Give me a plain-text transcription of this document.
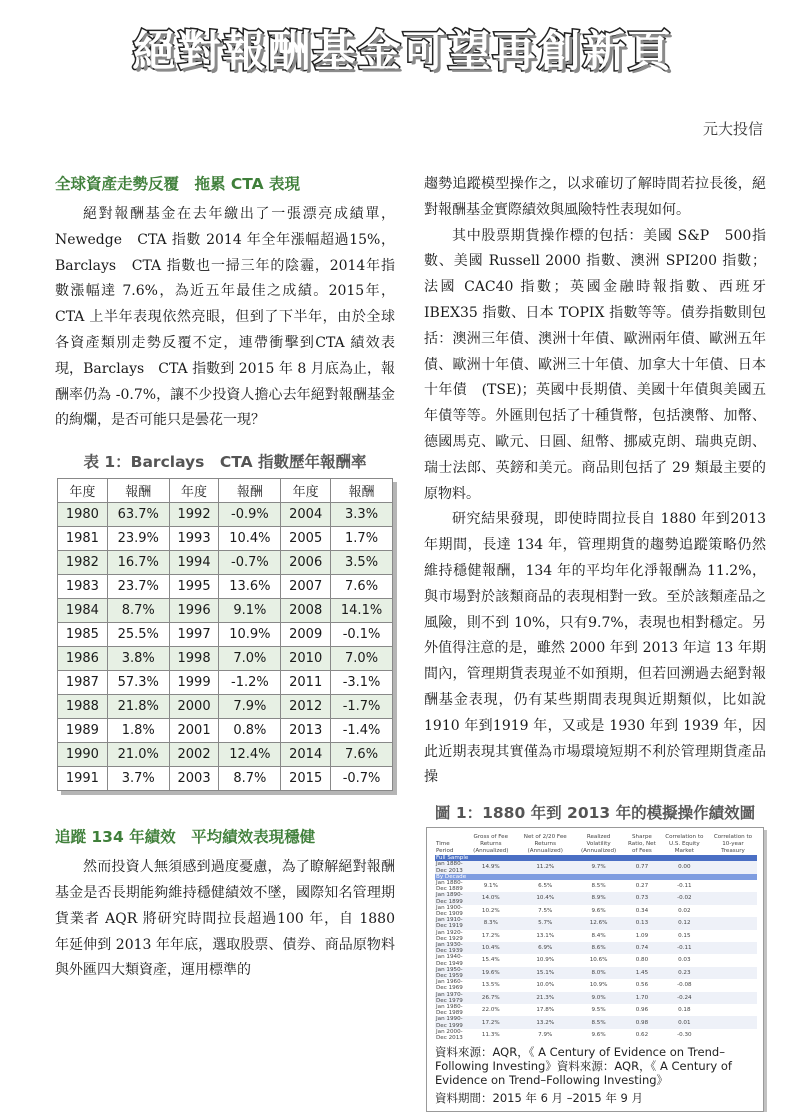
絕對報酬基金可望再創新頁
元大投信

全球資產走勢反覆　拖累 CTA 表現

絕對報酬基金在去年繳出了一張漂亮成績單，Newedge　CTA 指數 2014 年全年漲幅超過15%，Barclays　CTA 指數也一掃三年的陰霾，2014年指數漲幅達 7.6%，為近五年最佳之成績。2015年，CTA 上半年表現依然亮眼，但到了下半年，由於全球各資產類別走勢反覆不定，連帶衝擊到CTA 績效表現，Barclays　CTA 指數到 2015 年 8 月底為止，報酬率仍為 -0.7%，讓不少投資人擔心去年絕對報酬基金的絢爛，是否可能只是曇花一現？

表 1：Barclays　CTA 指數歷年報酬率

年度	報酬	年度	報酬	年度	報酬
1980	63.7%	1992	-0.9%	2004	3.3%
1981	23.9%	1993	10.4%	2005	1.7%
1982	16.7%	1994	-0.7%	2006	3.5%
1983	23.7%	1995	13.6%	2007	7.6%
1984	8.7%	1996	9.1%	2008	14.1%
1985	25.5%	1997	10.9%	2009	-0.1%
1986	3.8%	1998	7.0%	2010	7.0%
1987	57.3%	1999	-1.2%	2011	-3.1%
1988	21.8%	2000	7.9%	2012	-1.7%
1989	1.8%	2001	0.8%	2013	-1.4%
1990	21.0%	2002	12.4%	2014	7.6%
1991	3.7%	2003	8.7%	2015	-0.7%

追蹤 134 年績效　平均績效表現穩健

然而投資人無須感到過度憂慮，為了瞭解絕對報酬基金是否長期能夠維持穩健績效不墜，國際知名管理期貨業者 AQR 將研究時間拉長超過100 年，自 1880 年延伸到 2013 年年底，選取股票、債券、商品原物料與外匯四大類資產，運用標準的

趨勢追蹤模型操作之，以求確切了解時間若拉長後，絕對報酬基金實際績效與風險特性表現如何。

其中股票期貨操作標的包括：美國 S&P　500指數、美國 Russell 2000 指數、澳洲 SPI200 指數；法國 CAC40 指數；英國金融時報指數、西班牙IBEX35 指數、日本 TOPIX 指數等等。債券指數則包括：澳洲三年債、澳洲十年債、歐洲兩年債、歐洲五年債、歐洲十年債、歐洲三十年債、加拿大十年債、日本十年債　(TSE)；英國中長期債、美國十年債與美國五年債等等。外匯則包括了十種貨幣，包括澳幣、加幣、德國馬克、歐元、日圓、紐幣、挪威克朗、瑞典克朗、瑞士法郎、英鎊和美元。商品則包括了 29 類最主要的原物料。

研究結果發現，即使時間拉長自 1880 年到2013 年期間，長達 134 年，管理期貨的趨勢追蹤策略仍然維持穩健報酬，134 年的平均年化淨報酬為 11.2%，與市場對於該類商品的表現相對一致。至於該類產品之風險，則不到 10%，只有9.7%，表現也相對穩定。另外值得注意的是，雖然 2000 年到 2013 年這 13 年期間內，管理期貨表現並不如預期，但若回溯過去絕對報酬基金表現，仍有某些期間表現與近期類似，比如說 1910 年到1919 年，又或是 1930 年到 1939 年，因此近期表現其實僅為市場環境短期不利於管理期貨產品操

圖 1：1880 年到 2013 年的模擬操作績效圖

Time Period	Gross of Fee Returns (Annualized)	Net of 2/20 Fee Returns (Annualized)	Realized Volatility (Annualized)	Sharpe Ratio, Net of Fees	Correlation to U.S. Equity Market	Correlation to 10-year Treasury
Full Sample						
Jan 1880-Dec 2013	14.9%	11.2%	9.7%	0.77	0.00	
By Decade						
Jan 1880-Dec 1889	9.1%	6.5%	8.5%	0.27	-0.11	
Jan 1890-Dec 1899	14.0%	10.4%	8.9%	0.73	-0.02	
Jan 1900-Dec 1909	10.2%	7.5%	9.6%	0.34	0.02	
Jan 1910-Dec 1919	8.3%	5.7%	12.6%	0.13	0.12	
Jan 1920-Dec 1929	17.2%	13.1%	8.4%	1.09	0.15	
Jan 1930-Dec 1939	10.4%	6.9%	8.6%	0.74	-0.11	
Jan 1940-Dec 1949	15.4%	10.9%	10.6%	0.80	0.03	
Jan 1950-Dec 1959	19.6%	15.1%	8.0%	1.45	0.23	
Jan 1960-Dec 1969	13.5%	10.0%	10.9%	0.56	-0.08	
Jan 1970-Dec 1979	26.7%	21.3%	9.0%	1.70	-0.24	
Jan 1980-Dec 1989	22.0%	17.8%	9.5%	0.96	0.18	
Jan 1990-Dec 1999	17.2%	13.2%	8.5%	0.98	0.01	
Jan 2000-Dec 2013	11.3%	7.9%	9.6%	0.62	-0.30	
資料來源：AQR，《 A Century of Evidence on Trend–Following Investing》資料來源：AQR，《 A Century of Evidence on Trend–Following Investing》
資料期間：2015 年 6 月 –2015 年 9 月
